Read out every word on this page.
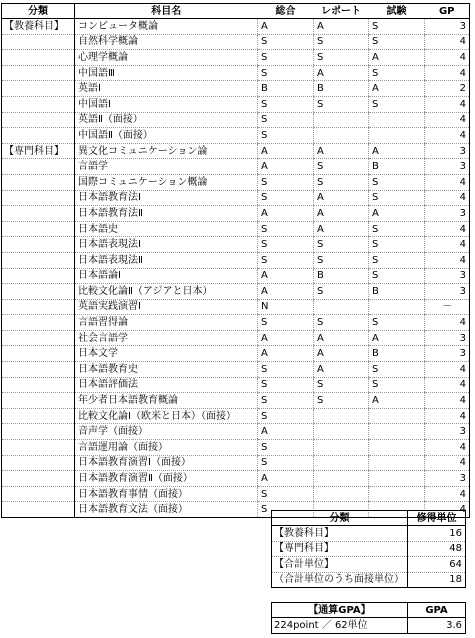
分類	科目名	総合	レポート	試験	GP
【教養科目】	コンピュータ概論	A	A	S	3
	自然科学概論	S	S	S	4
	心理学概論	S	S	A	4
	中国語Ⅲ	S	A	S	4
	英語Ⅰ	B	B	A	2
	中国語Ⅰ	S	S	S	4
	英語Ⅱ（面接）	S			4
	中国語Ⅱ（面接）	S			4
【専門科目】	異文化コミュニケーション論	A	A	A	3
	言語学	A	S	B	3
	国際コミュニケーション概論	S	S	S	4
	日本語教育法Ⅰ	S	A	S	4
	日本語教育法Ⅱ	A	A	A	3
	日本語史	S	A	S	4
	日本語表現法Ⅰ	S	S	S	4
	日本語表現法Ⅱ	S	S	S	4
	日本語論Ⅰ	A	B	S	3
	比較文化論Ⅱ（アジアと日本）	A	S	B	3
	英語実践演習Ⅰ	N			－
	言語習得論	S	S	S	4
	社会言語学	A	A	A	3
	日本文学	A	A	B	3
	日本語教育史	S	A	S	4
	日本語評価法	S	S	S	4
	年少者日本語教育概論	S	S	A	4
	比較文化論Ⅰ（欧米と日本）（面接）	S			4
	音声学（面接）	A			3
	言語運用論（面接）	S			4
	日本語教育演習Ⅰ（面接）	S			4
	日本語教育演習Ⅱ（面接）	A			3
	日本語教育事情（面接）	S			4
	日本語教育文法（面接）	S			4
分類	修得単位
【教養科目】	16
【専門科目】	48
【合計単位】	64
（合計単位のうち面接単位）	18
【通算GPA】	GPA
224point ／ 62単位	3.6
